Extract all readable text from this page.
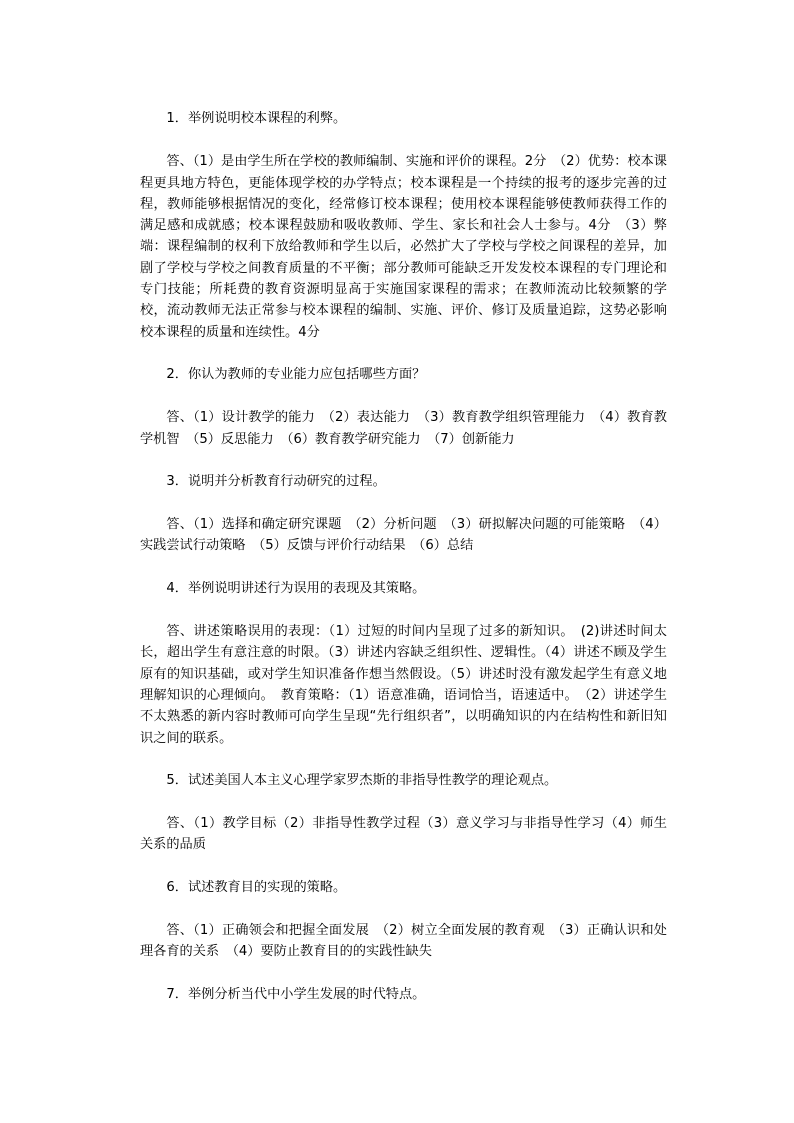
1．举例说明校本课程的利弊。

答、（1）是由学生所在学校的教师编制、实施和评价的课程。2分　（2）优势：校本课程更具地方特色，更能体现学校的办学特点；校本课程是一个持续的报考的逐步完善的过程，教师能够根据情况的变化，经常修订校本课程；使用校本课程能够使教师获得工作的满足感和成就感；校本课程鼓励和吸收教师、学生、家长和社会人士参与。4分　（3）弊端：课程编制的权利下放给教师和学生以后，必然扩大了学校与学校之间课程的差异，加剧了学校与学校之间教育质量的不平衡；部分教师可能缺乏开发发校本课程的专门理论和专门技能；所耗费的教育资源明显高于实施国家课程的需求；在教师流动比较频繁的学校，流动教师无法正常参与校本课程的编制、实施、评价、修订及质量追踪，这势必影响校本课程的质量和连续性。4分

2．你认为教师的专业能力应包括哪些方面？

答、（1）设计教学的能力　（2）表达能力　（3）教育教学组织管理能力　（4）教育教学机智　（5）反思能力　（6）教育教学研究能力　（7）创新能力

3．说明并分析教育行动研究的过程。

答、（1）选择和确定研究课题　（2）分析问题　（3）研拟解决问题的可能策略　（4）实践尝试行动策略　（5）反馈与评价行动结果　（6）总结

4．举例说明讲述行为误用的表现及其策略。

答、讲述策略误用的表现：（1）过短的时间内呈现了过多的新知识。　(2)讲述时间太长，超出学生有意注意的时限。（3）讲述内容缺乏组织性、逻辑性。（4）讲述不顾及学生原有的知识基础，或对学生知识准备作想当然假设。（5）讲述时没有激发起学生有意义地理解知识的心理倾向。　教育策略：（1）语意准确，语词恰当，语速适中。　（2）讲述学生不太熟悉的新内容时教师可向学生呈现“先行组织者”，以明确知识的内在结构性和新旧知识之间的联系。

5．试述美国人本主义心理学家罗杰斯的非指导性教学的理论观点。

答、（1）教学目标（2）非指导性教学过程（3）意义学习与非指导性学习（4）师生关系的品质

6．试述教育目的实现的策略。

答、（1）正确领会和把握全面发展　（2）树立全面发展的教育观　（3）正确认识和处理各育的关系　（4）要防止教育目的的实践性缺失

7．举例分析当代中小学生发展的时代特点。
